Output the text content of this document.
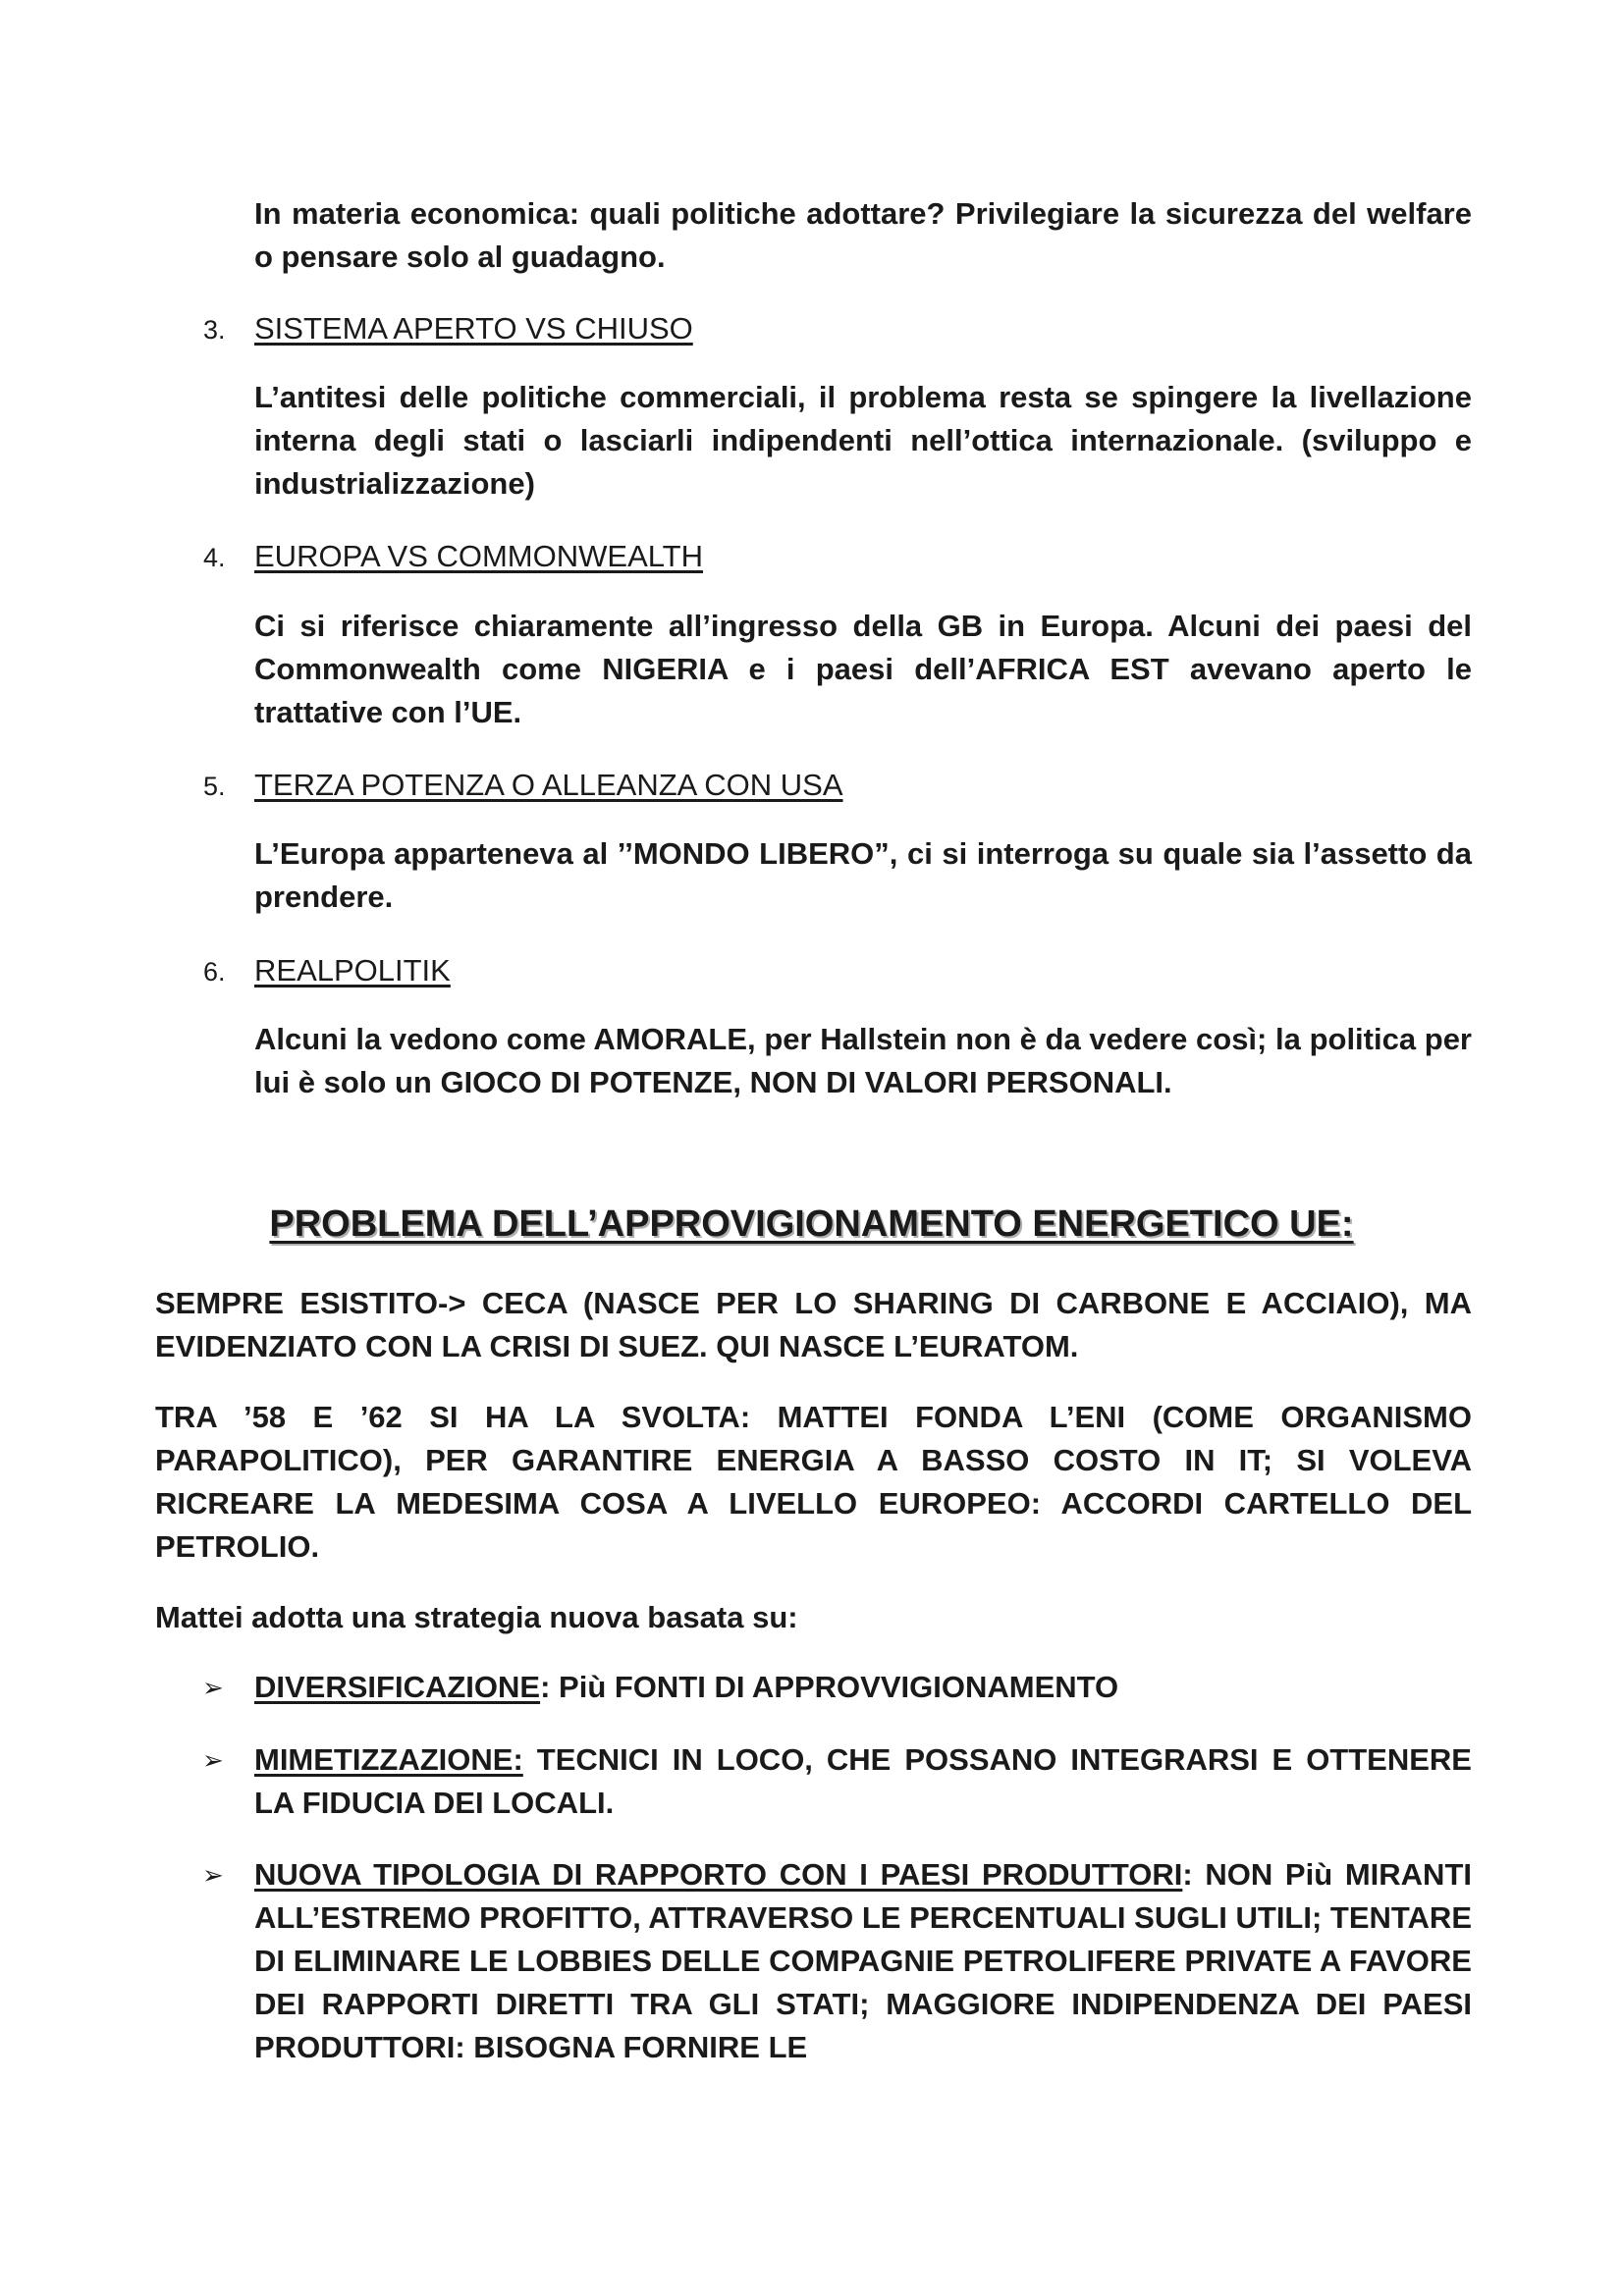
In materia economica: quali politiche adottare? Privilegiare la sicurezza del welfare o pensare solo al guadagno.

3. SISTEMA APERTO VS CHIUSO

L’antitesi delle politiche commerciali, il problema resta se spingere la livellazione interna degli stati o lasciarli indipendenti nell’ottica internazionale. (sviluppo e industrializzazione)

4. EUROPA VS COMMONWEALTH

Ci si riferisce chiaramente all’ingresso della GB in Europa. Alcuni dei paesi del Commonwealth come NIGERIA e i paesi dell’AFRICA EST avevano aperto le trattative con l’UE.

5. TERZA POTENZA O ALLEANZA CON USA

L’Europa apparteneva al ’’MONDO LIBERO”, ci si interroga su quale sia l’assetto da prendere.

6. REALPOLITIK

Alcuni la vedono come AMORALE, per Hallstein non è da vedere così; la politica per lui è solo un GIOCO DI POTENZE, NON DI VALORI PERSONALI.

PROBLEMA DELL’APPROVIGIONAMENTO ENERGETICO UE:

SEMPRE ESISTITO-> CECA (NASCE PER LO SHARING DI CARBONE E ACCIAIO), MA EVIDENZIATO CON LA CRISI DI SUEZ. QUI NASCE L’EURATOM.

TRA ’58 E ’62 SI HA LA SVOLTA: MATTEI FONDA L’ENI (COME ORGANISMO PARAPOLITICO), PER GARANTIRE ENERGIA A BASSO COSTO IN IT; SI VOLEVA RICREARE LA MEDESIMA COSA A LIVELLO EUROPEO: ACCORDI CARTELLO DEL PETROLIO.

Mattei adotta una strategia nuova basata su:

➢ DIVERSIFICAZIONE: Più FONTI DI APPROVVIGIONAMENTO

➢ MIMETIZZAZIONE: TECNICI IN LOCO, CHE POSSANO INTEGRARSI E OTTENERE LA FIDUCIA DEI LOCALI.

➢ NUOVA TIPOLOGIA DI RAPPORTO CON I PAESI PRODUTTORI: NON Più MIRANTI ALL’ESTREMO PROFITTO, ATTRAVERSO LE PERCENTUALI SUGLI UTILI; TENTARE DI ELIMINARE LE LOBBIES DELLE COMPAGNIE PETROLIFERE PRIVATE A FAVORE DEI RAPPORTI DIRETTI TRA GLI STATI; MAGGIORE INDIPENDENZA DEI PAESI PRODUTTORI: BISOGNA FORNIRE LE
